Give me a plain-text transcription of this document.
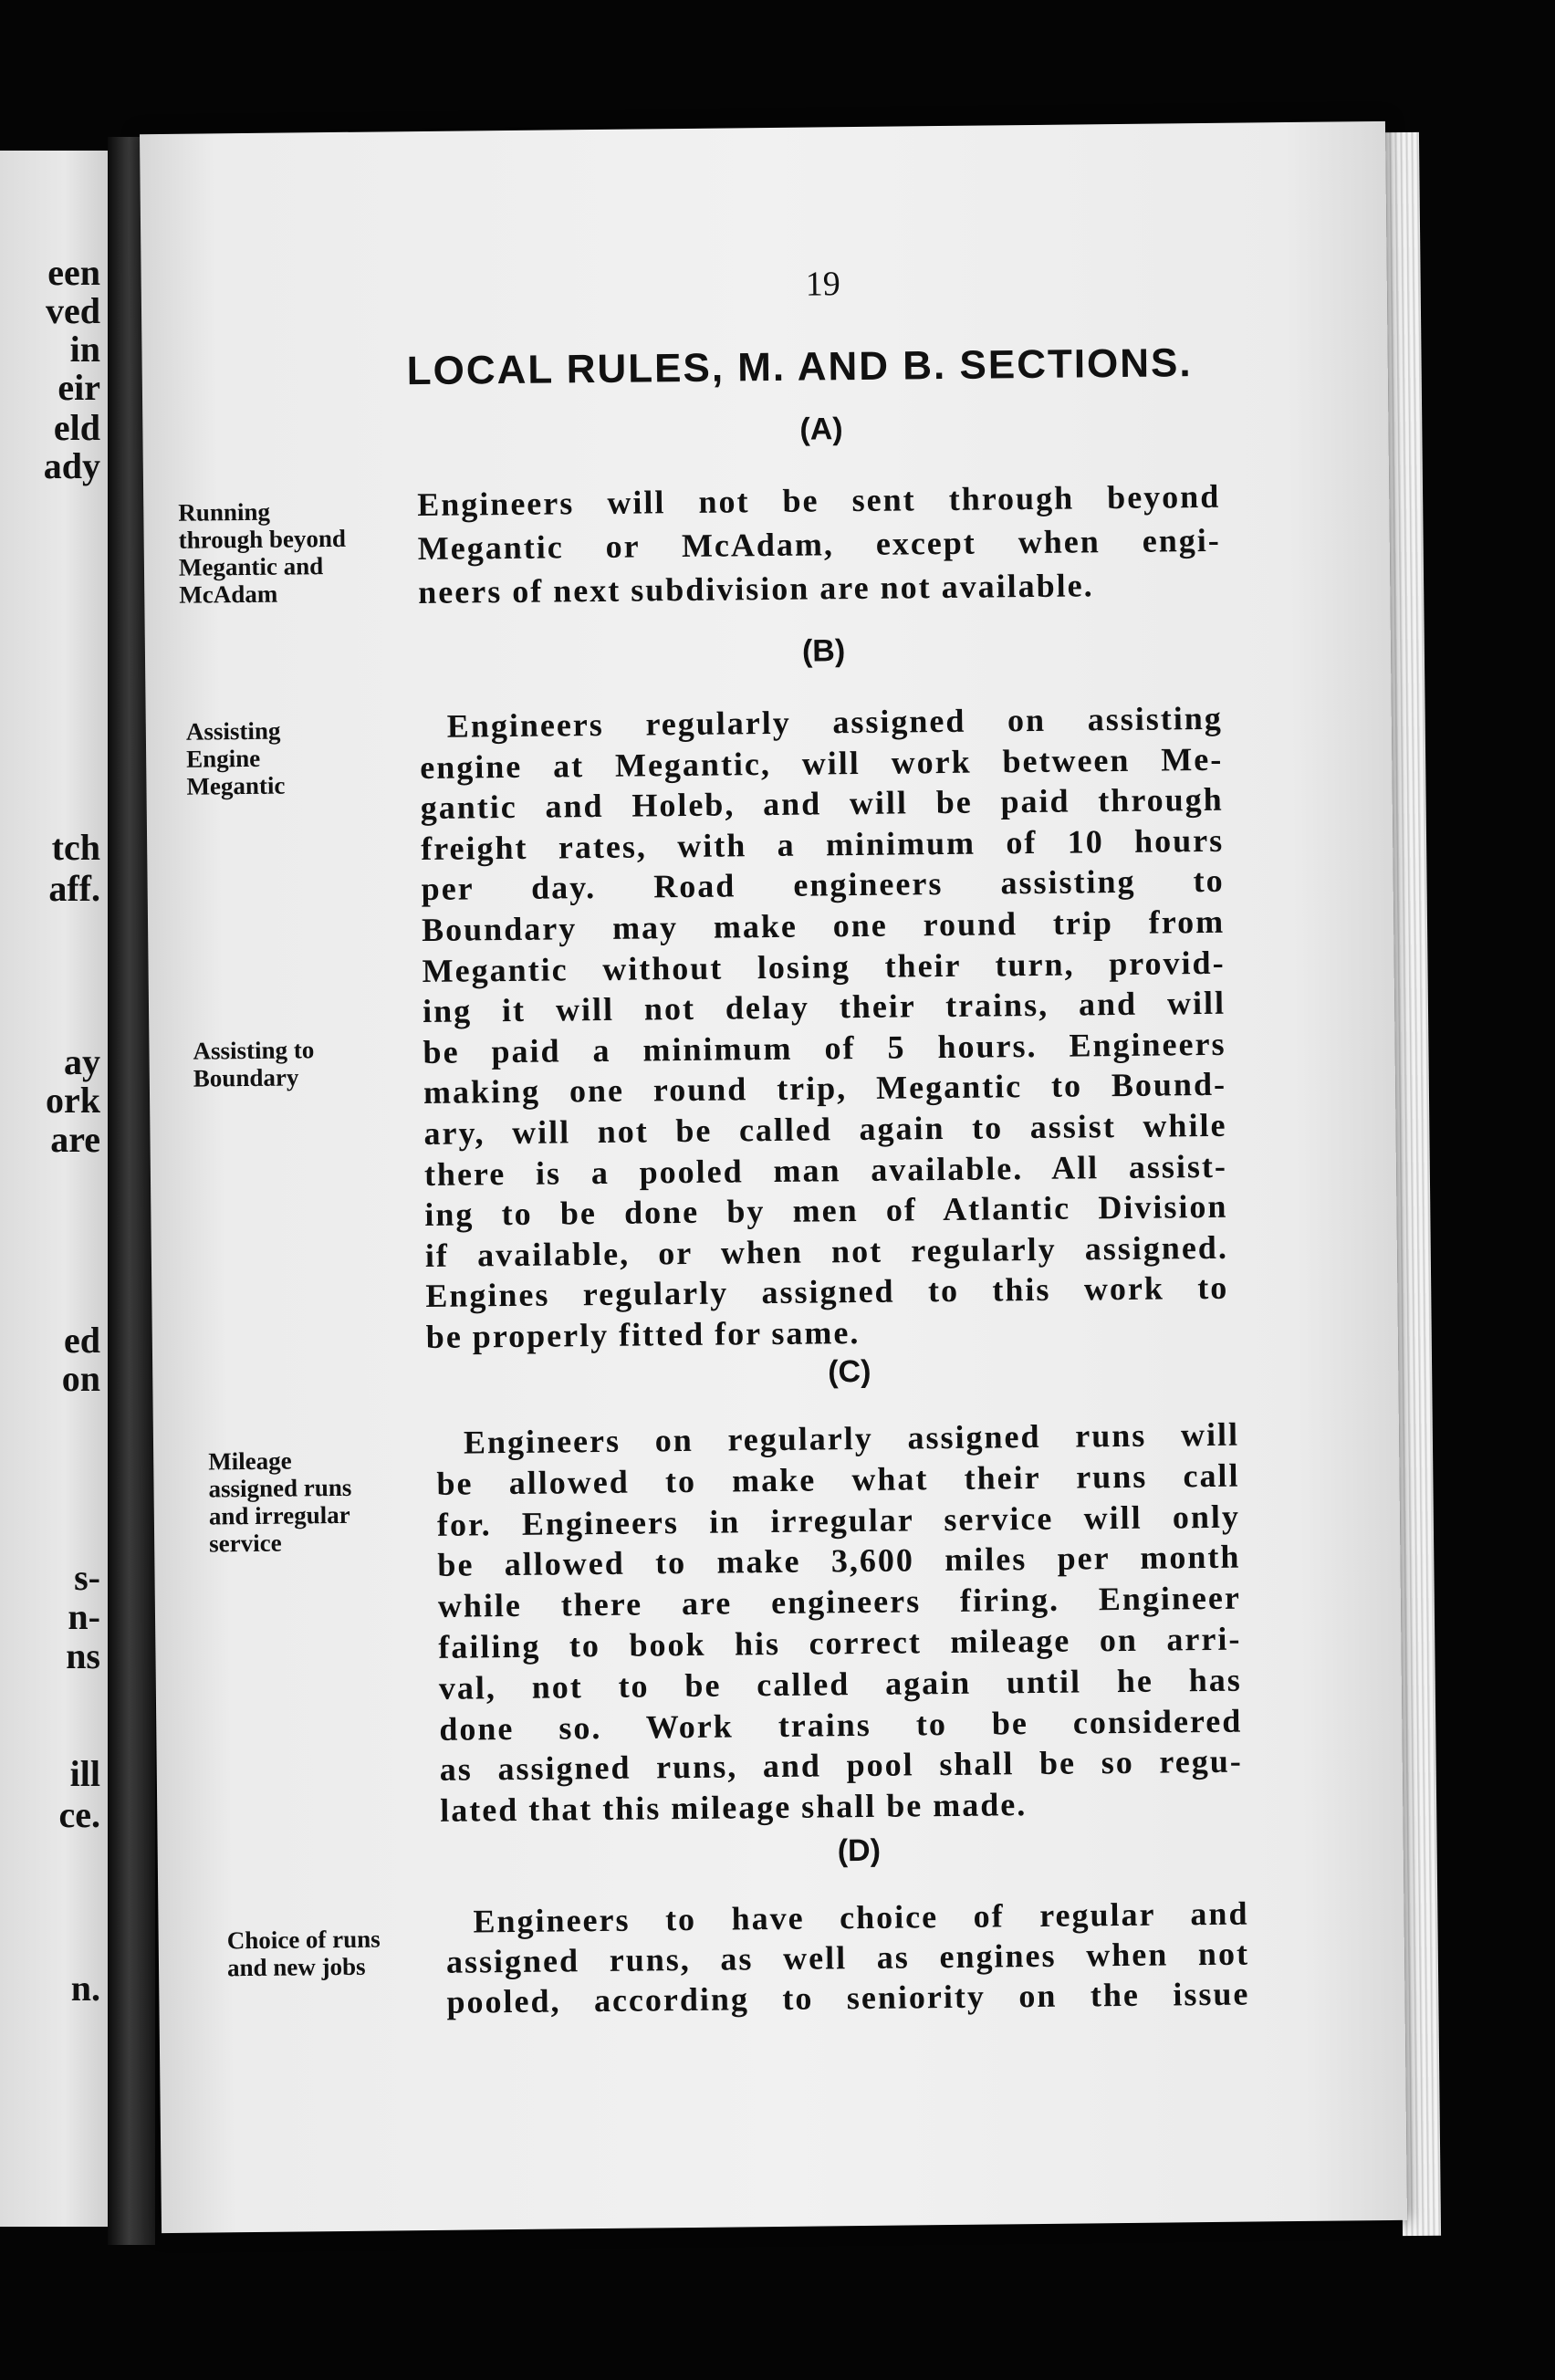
een
ved
in
eir
eld
ady
tch
aff.
ay
ork
are
ed
on
s-
n-
ns
ill
ce.
n.
19
LOCAL RULES, M. AND B. SECTIONS.
(A)
Running
through beyond
Megantic and
McAdam
Engineers will not be sent through beyond
Megantic or McAdam, except when engi-
neers of next subdivision are not available.
(B)
Assisting
Engine
Megantic
Assisting to
Boundary
Engineers regularly assigned on assisting
engine at Megantic, will work between Me-
gantic and Holeb, and will be paid through
freight rates, with a minimum of 10 hours
per day. Road engineers assisting to
Boundary may make one round trip from
Megantic without losing their turn, provid-
ing it will not delay their trains, and will
be paid a minimum of 5 hours. Engineers
making one round trip, Megantic to Bound-
ary, will not be called again to assist while
there is a pooled man available. All assist-
ing to be done by men of Atlantic Division
if available, or when not regularly assigned.
Engines regularly assigned to this work to
be properly fitted for same.
(C)
Mileage
assigned runs
and irregular
service
Engineers on regularly assigned runs will
be allowed to make what their runs call
for. Engineers in irregular service will only
be allowed to make 3,600 miles per month
while there are engineers firing. Engineer
failing to book his correct mileage on arri-
val, not to be called again until he has
done so. Work trains to be considered
as assigned runs, and pool shall be so regu-
lated that this mileage shall be made.
(D)
Choice of runs
and new jobs
Engineers to have choice of regular and
assigned runs, as well as engines when not
pooled, according to seniority on the issue
